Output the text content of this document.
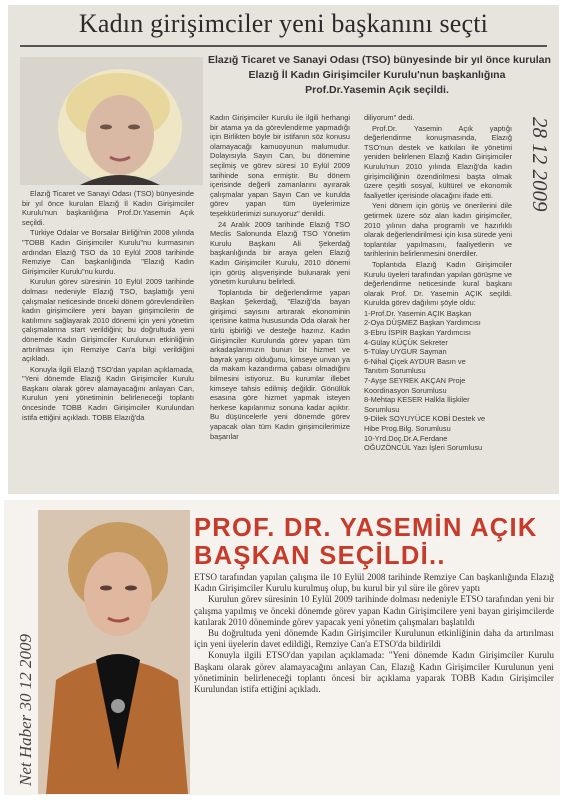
Kadın girişimciler yeni başkanını seçti
Elazığ Ticaret ve Sanayi Odası (TSO) bünyesinde bir yıl önce kurulan
Elazığ İl Kadın Girişimciler Kurulu'nun başkanlığına
Prof.Dr.Yasemin Açık seçildi.

Elazığ Ticaret ve Sanayi Odası (TSO) bünyesinde bir yıl önce kurulan Elazığ İl Kadın Girişimciler Kurulu'nun başkanlığına Prof.Dr.Yasemin Açık seçildi.

Türkiye Odalar ve Borsalar Birliği'nin 2008 yılında "TOBB Kadın Girişimciler Kurulu"nu kurmasının ardından Elazığ TSO da 10 Eylül 2008 tarihinde Remziye Can başkanlığında "Elazığ Kadın Girişimciler Kurulu"nu kurdu.

Kurulun görev süresinin 10 Eylül 2009 tarihinde dolması nedeniyle Elazığ TSO, başlattığı yeni çalışmalar neticesinde önceki dönem görevlendirilen kadın girişimcilere yeni bayan girişimcilerin de katılımını sağlayarak 2010 dönemi için yeni yönetim çalışmalarına start verildiğini; bu doğrultuda yeni dönemde Kadın Girişimciler Kurulunun etkinliğinin artırılması için Remziye Can'a bilgi verildiğini açıkladı.

Konuyla ilgili Elazığ TSO'dan yapılan açıklamada, "Yeni dönemde Elazığ Kadın Girişimciler Kurulu Başkanı olarak görev alamayacağını anlayan Can, Kurulun yeni yönetiminin belirleneceği toplantı öncesinde TOBB Kadın Girişimciler Kurulundan istifa ettiğini açıkladı. TOBB Elazığ'da

Kadın Girişimciler Kurulu ile ilgili herhangi bir atama ya da görevlendirme yapmadığı için Birlikten böyle bir istifanın söz konusu olamayacağı kamuoyunun malumudur. Dolayısıyla Sayın Can, bu dönemine seçilmiş ve görev süresi 10 Eylül 2009 tarihinde sona ermiştir. Bu dönem içerisinde değerli zamanlarını ayırarak çalışmalar yapan Sayın Can ve kurulda görev yapan tüm üyelerimize teşekkürlerimizi sunuyoruz" denildi.

24 Aralık 2009 tarihinde Elazığ TSO Meclis Salonunda Elazığ TSO Yönetim Kurulu Başkanı Ali Şekerdağ başkanlığında bir araya gelen Elazığ Kadın Girişimciler Kurulu, 2010 dönemi için görüş alışverişinde bulunarak yeni yönetim kurulunu belirledi.

Toplantıda bir değerlendirme yapan Başkan Şekerdağ, "Elazığ'da bayan girişimci sayısını artırarak ekonominin içerisine katma hususunda Oda olarak her türlü işbirliği ve desteğe hazırız. Kadın Girişimciler Kurulunda görev yapan tüm arkadaşlarımızın bunun bir hizmet ve bayrak yarışı olduğunu, kimseye unvan ya da makam kazandırma çabası olmadığını bilmesini istiyoruz. Bu kurumlar illebet kimseye tahsis edilmiş değildir. Gönüllük esasına göre hizmet yapmak isteyen herkese kapılarımız sonuna kadar açıktır. Bu düşüncelerle yeni dönemde görev yapacak olan tüm Kadın girişimcilerimize başarılar

diliyorum" dedi.

Prof.Dr. Yasemin Açık yaptığı değerlendirme konuşmasında, Elazığ TSO'nun destek ve katkıları ile yönetimi yeniden belirlenen Elazığ Kadın Girişimciler Kurulu'nun 2010 yılında Elazığ'da kadın girişimciliğinin özendirilmesi başta olmak üzere çeşitli sosyal, kültürel ve ekonomik faaliyetler içerisinde olacağını ifade etti.

Yeni dönem için görüş ve önerilerini dile getirmek üzere söz alan kadın girişimciler, 2010 yılının daha programlı ve hazırlıklı olarak değerlendirilmesi için kısa sürede yeni toplantılar yapılmasını, faaliyetlerin ve tarihlerinin belirlenmesini önerdiler.

Toplantıda Elazığ Kadın Girişimciler Kurulu üyeleri tarafından yapılan görüşme ve değerlendirme neticesinde kural başkanı olarak Prof. Dr. Yasemin AÇIK seçildi. Kurulda görev dağılımı şöyle oldu:

1-Prof.Dr. Yasemin AÇIK Başkan
2-Oya DÜŞMEZ Başkan Yardımcısı
3-Ebru İSPİR Başkan Yardımcısı
4-Gülay KÜÇÜK Sekreter
5-Tülay UYGUR Sayman
6-Nihal Çiçek AYDUR Basın ve
Tanıtım Sorumlusu
7-Ayşe SEYREK AKÇAN Proje
Koordinasyon Sorumlusu
8-Mehtap KESER Halkla İlişkiler
Sorumlusu
9-Dilek SOYUYÜCE KOBİ Destek ve
Hibe Prog.Bilg. Sorumlusu
10-Yrd.Doç.Dr.A.Ferdane
OĞUZÖNCÜL Yazı İşleri Sorumlusu
28 12 2009
Net Haber 30 12 2009
PROF. DR. YASEMİN AÇIK
BAŞKAN SEÇİLDİ..

ETSO tarafından yapılan çalışma ile 10 Eylül 2008 tarihinde Remziye Can başkanlığında Elazığ Kadın Girişimciler Kurulu kurulmuş olup, bu kurul bir yıl süre ile görev yaptı

Kurulun görev süresinin 10 Eylül 2009 tarihinde dolması nedeniyle ETSO tarafından yeni bir çalışma yapılmış ve önceki dönemde görev yapan Kadın Girişimcilere yeni bayan girişimcilerde katılarak 2010 döneminde görev yapacak yeni yönetim çalışmaları başlatıldı

Bu doğrultuda yeni dönemde Kadın Girişimciler Kurulunun etkinliğinin daha da artırılması için yeni üyelerin davet edildiği, Remziye Can'a ETSO'da bildirildi

Konuyla ilgili ETSO'dan yapılan açıklamada: "Yeni dönemde Kadın Girişimciler Kurulu Başkanı olarak görev alamayacağını anlayan Can, Elazığ Kadın Girişimciler Kurulunun yeni yönetiminin belirleneceği toplantı öncesi bir açıklama yaparak TOBB Kadın Girişimciler Kurulundan istifa ettiğini açıkladı.
